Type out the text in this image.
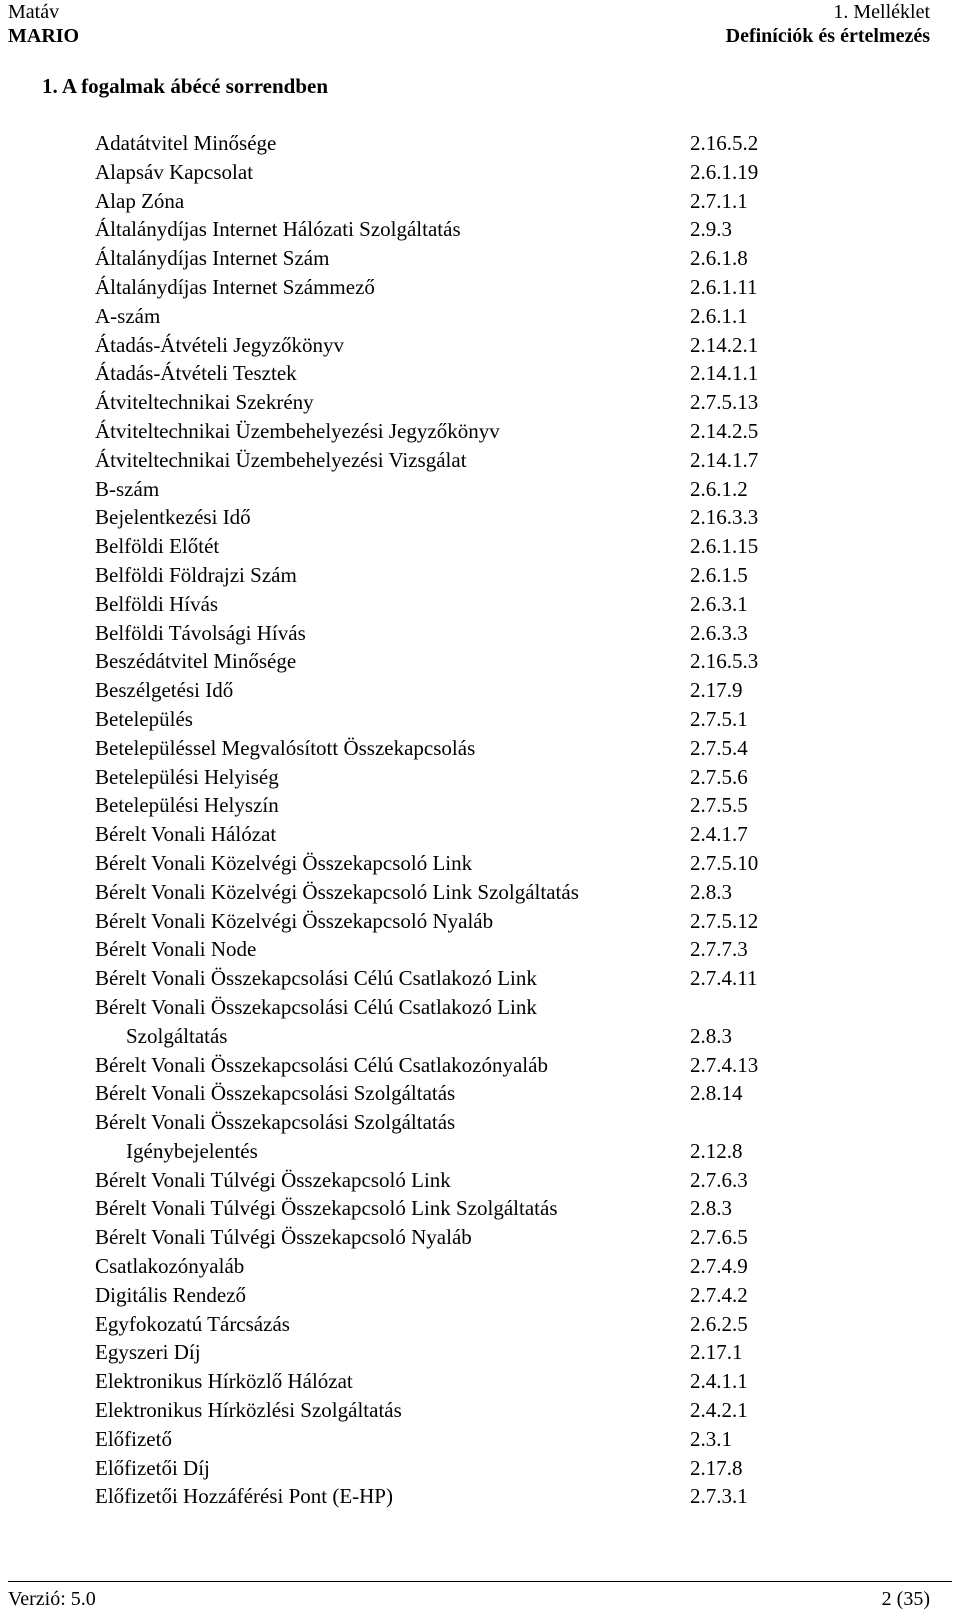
Matáv
MARIO
1. Melléklet
Definíciók és értelmezés
1. A fogalmak ábécé sorrendben
Adatátvitel Minősége	2.16.5.2
Alapsáv Kapcsolat	2.6.1.19
Alap Zóna	2.7.1.1
Általánydíjas Internet Hálózati Szolgáltatás	2.9.3
Általánydíjas Internet Szám	2.6.1.8
Általánydíjas Internet Számmező	2.6.1.11
A-szám	2.6.1.1
Átadás-Átvételi Jegyzőkönyv	2.14.2.1
Átadás-Átvételi Tesztek	2.14.1.1
Átviteltechnikai Szekrény	2.7.5.13
Átviteltechnikai Üzembehelyezési Jegyzőkönyv	2.14.2.5
Átviteltechnikai Üzembehelyezési Vizsgálat	2.14.1.7
B-szám	2.6.1.2
Bejelentkezési Idő	2.16.3.3
Belföldi Előtét	2.6.1.15
Belföldi Földrajzi Szám	2.6.1.5
Belföldi Hívás	2.6.3.1
Belföldi Távolsági Hívás	2.6.3.3
Beszédátvitel Minősége	2.16.5.3
Beszélgetési Idő	2.17.9
Betelepülés	2.7.5.1
Betelepüléssel Megvalósított Összekapcsolás	2.7.5.4
Betelepülési Helyiség	2.7.5.6
Betelepülési Helyszín	2.7.5.5
Bérelt Vonali Hálózat	2.4.1.7
Bérelt Vonali Közelvégi Összekapcsoló Link	2.7.5.10
Bérelt Vonali Közelvégi Összekapcsoló Link Szolgáltatás	2.8.3
Bérelt Vonali Közelvégi Összekapcsoló Nyaláb	2.7.5.12
Bérelt Vonali Node	2.7.7.3
Bérelt Vonali Összekapcsolási Célú Csatlakozó Link	2.7.4.11
Bérelt Vonali Összekapcsolási Célú Csatlakozó Link
Szolgáltatás	2.8.3
Bérelt Vonali Összekapcsolási Célú Csatlakozónyaláb	2.7.4.13
Bérelt Vonali Összekapcsolási Szolgáltatás	2.8.14
Bérelt Vonali Összekapcsolási Szolgáltatás
Igénybejelentés	2.12.8
Bérelt Vonali Túlvégi Összekapcsoló Link	2.7.6.3
Bérelt Vonali Túlvégi Összekapcsoló Link Szolgáltatás	2.8.3
Bérelt Vonali Túlvégi Összekapcsoló Nyaláb	2.7.6.5
Csatlakozónyaláb	2.7.4.9
Digitális Rendező	2.7.4.2
Egyfokozatú Tárcsázás	2.6.2.5
Egyszeri Díj	2.17.1
Elektronikus Hírközlő Hálózat	2.4.1.1
Elektronikus Hírközlési Szolgáltatás	2.4.2.1
Előfizető	2.3.1
Előfizetői Díj	2.17.8
Előfizetői Hozzáférési Pont (E-HP)	2.7.3.1
Verzió: 5.0	2 (35)
